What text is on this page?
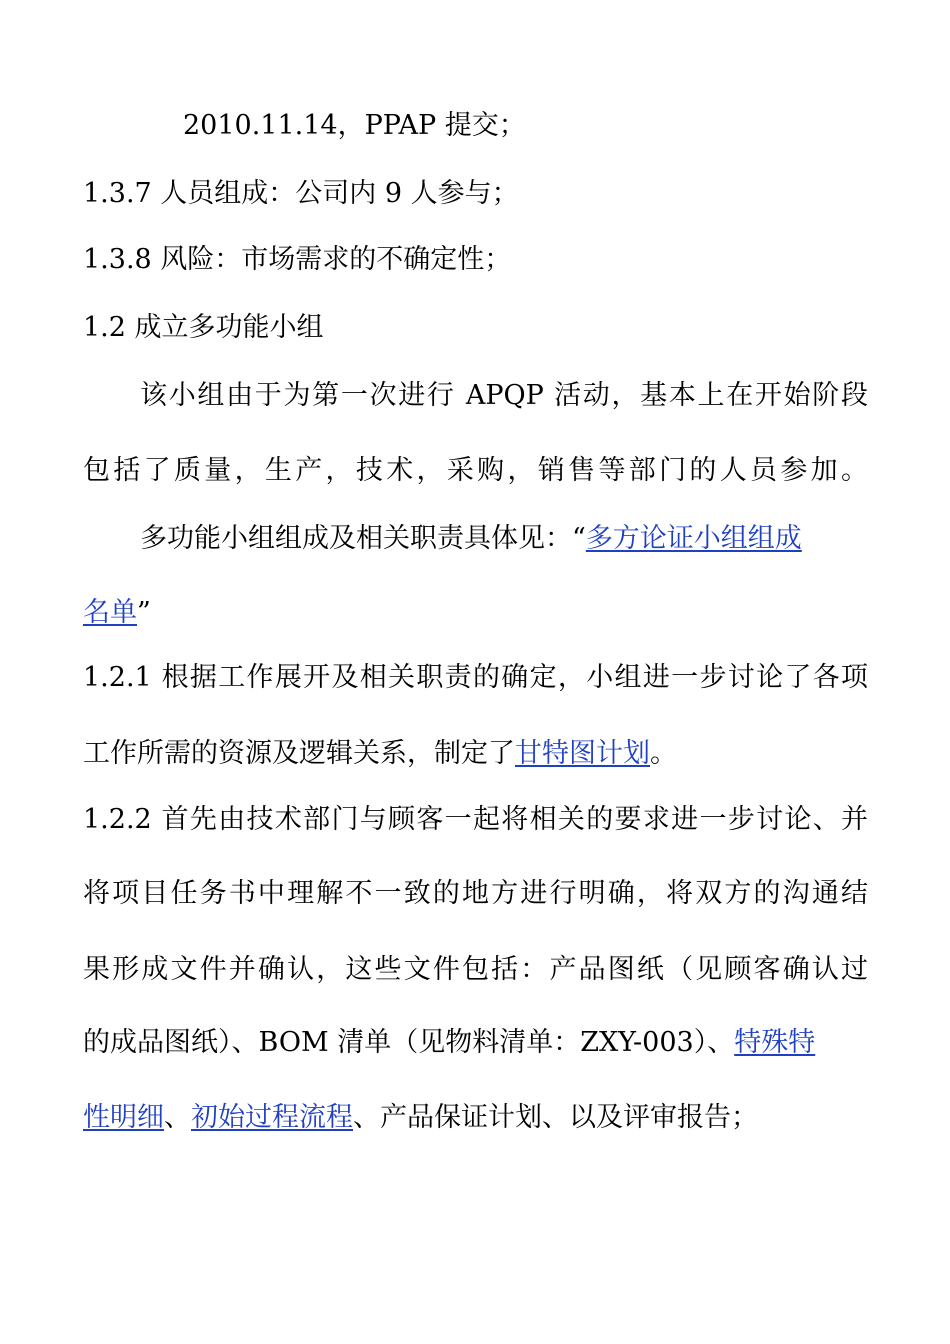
2010.11.14，PPAP 提交；
1.3.7 人员组成：公司内 9 人参与；
1.3.8 风险：市场需求的不确定性；
1.2 成立多功能小组
该小组由于为第一次进行 APQP 活动，基本上在开始阶段
包括了质量，生产，技术，采购，销售等部门的人员参加。
多功能小组组成及相关职责具体见：“多方论证小组组成
名单”
1.2.1 根据工作展开及相关职责的确定，小组进一步讨论了各项
工作所需的资源及逻辑关系，制定了甘特图计划。
1.2.2 首先由技术部门与顾客一起将相关的要求进一步讨论、并
将项目任务书中理解不一致的地方进行明确，将双方的沟通结
果形成文件并确认，这些文件包括：产品图纸（见顾客确认过
的成品图纸）、BOM 清单（见物料清单：ZXY-003）、特殊特
性明细、初始过程流程、产品保证计划、以及评审报告；
